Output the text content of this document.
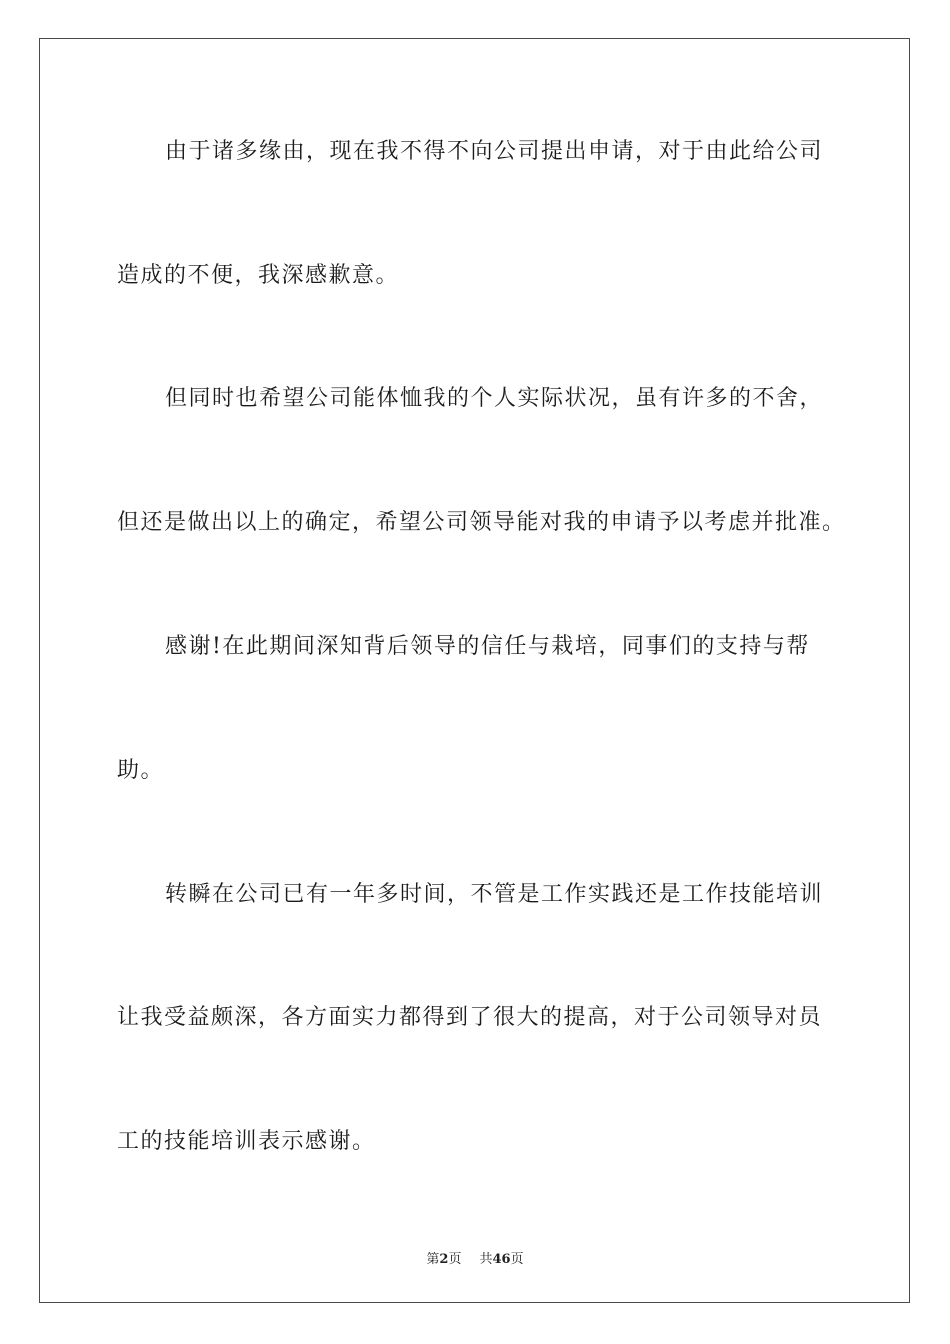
由于诸多缘由，现在我不得不向公司提出申请，对于由此给公司
造成的不便，我深感歉意。
但同时也希望公司能体恤我的个人实际状况，虽有许多的不舍，
但还是做出以上的确定，希望公司领导能对我的申请予以考虑并批准。
感谢!在此期间深知背后领导的信任与栽培，同事们的支持与帮
助。
转瞬在公司已有一年多时间，不管是工作实践还是工作技能培训
让我受益颇深，各方面实力都得到了很大的提高，对于公司领导对员
工的技能培训表示感谢。
第2页 共46页
